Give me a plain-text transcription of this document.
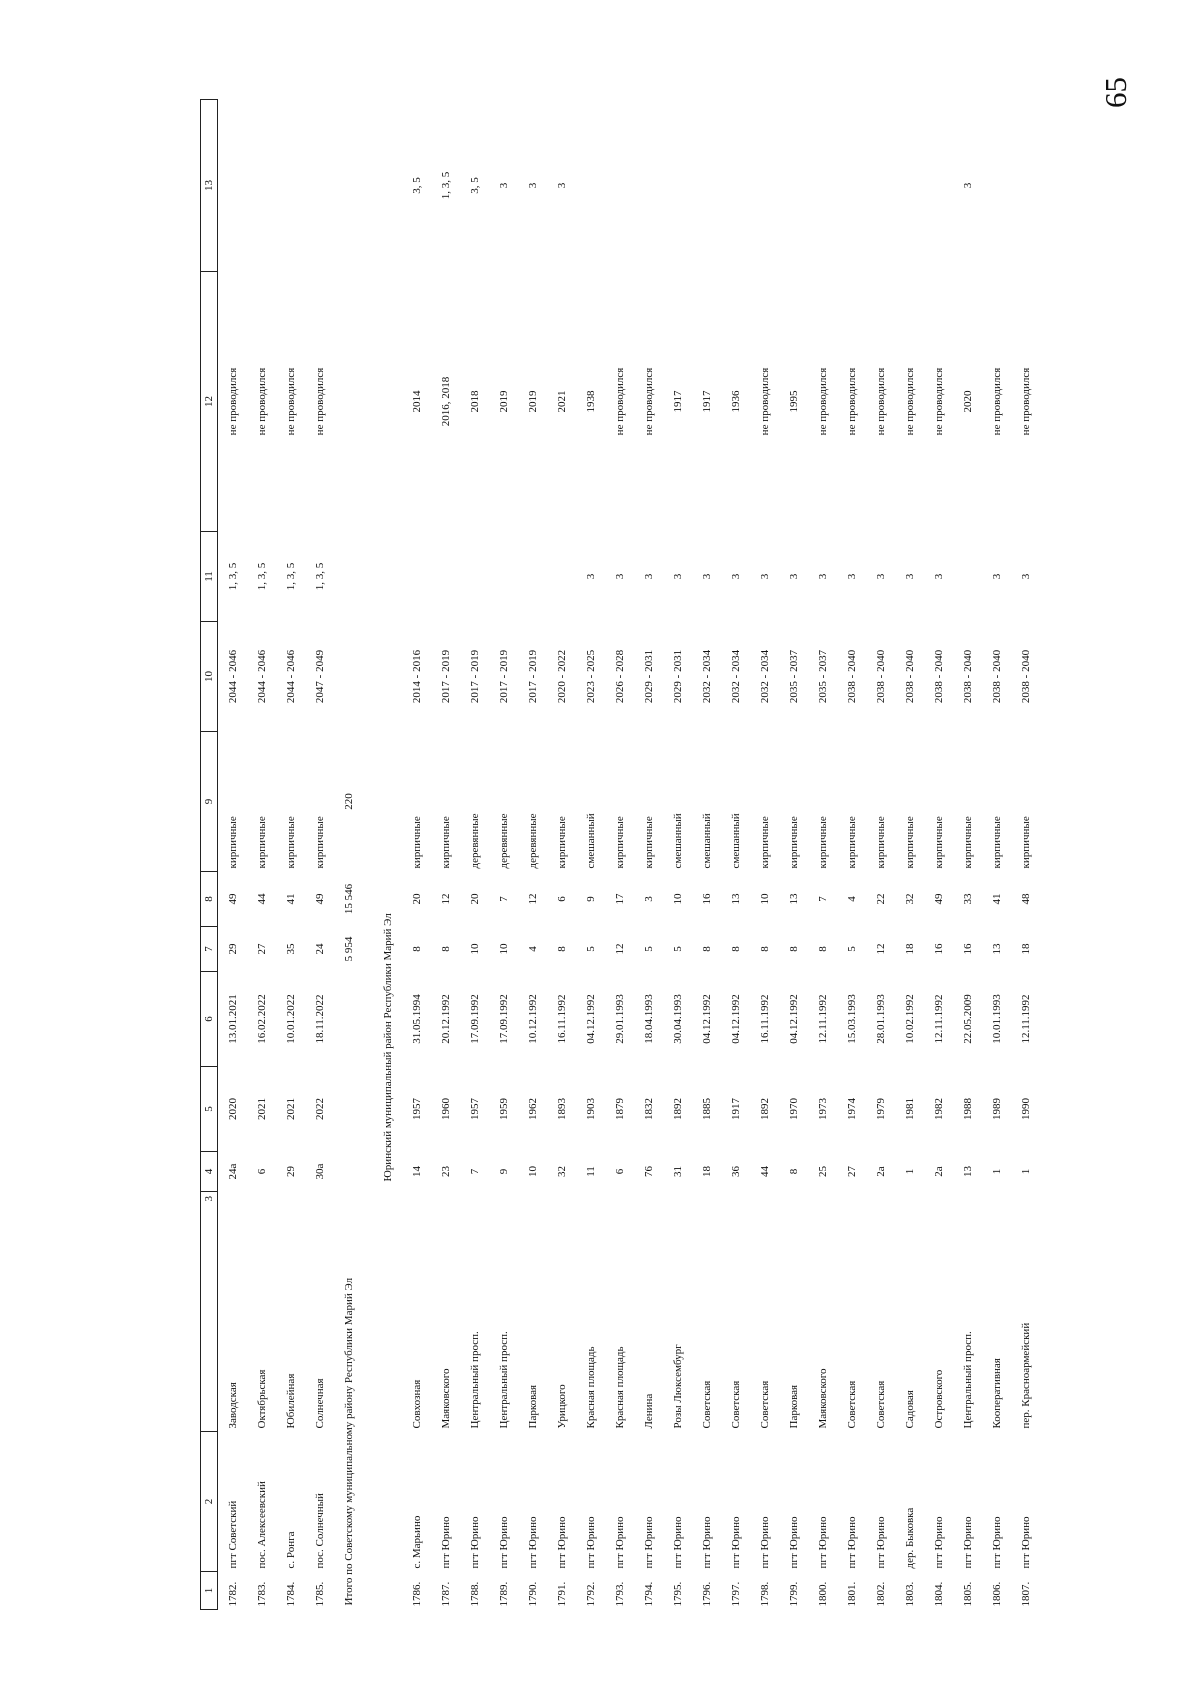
65
1	2	3	4	5	6	7	8	9	10	11	12	13
1782.	пгт Советский	Заводская	24а	2020	13.01.2021	29	49	кирпичные	2044 - 2046	1, 3, 5	не проводился	
1783.	пос. Алексеевский	Октябрьская	6	2021	16.02.2022	27	44	кирпичные	2044 - 2046	1, 3, 5	не проводился	
1784.	с. Ронга	Юбилейная	29	2021	10.01.2022	35	41	кирпичные	2044 - 2046	1, 3, 5	не проводился	
1785.	пос. Солнечный	Солнечная	30а	2022	18.11.2022	24	49	кирпичные	2047 - 2049	1, 3, 5	не проводился	
Итого по Советскому муниципальному району Республики Марий Эл						5 954	15 546	220				

			Юринский муниципальный район Республики Марий Эл									
1786.	с. Марьино	Совхозная	14	1957	31.05.1994	8	20	кирпичные	2014 - 2016		2014	3, 5
1787.	пгт Юрино	Маяковского	23	1960	20.12.1992	8	12	кирпичные	2017 - 2019		2016, 2018	1, 3, 5
1788.	пгт Юрино	Центральный просп.	7	1957	17.09.1992	10	20	деревянные	2017 - 2019		2018	3, 5
1789.	пгт Юрино	Центральный просп.	9	1959	17.09.1992	10	7	деревянные	2017 - 2019		2019	3
1790.	пгт Юрино	Парковая	10	1962	10.12.1992	4	12	деревянные	2017 - 2019		2019	3
1791.	пгт Юрино	Урицкого	32	1893	16.11.1992	8	6	кирпичные	2020 - 2022		2021	3
1792.	пгт Юрино	Красная площадь	11	1903	04.12.1992	5	9	смешанный	2023 - 2025	3	1938	
1793.	пгт Юрино	Красная площадь	6	1879	29.01.1993	12	17	кирпичные	2026 - 2028	3	не проводился	
1794.	пгт Юрино	Ленина	76	1832	18.04.1993	5	3	кирпичные	2029 - 2031	3	не проводился	
1795.	пгт Юрино	Розы Люксембург	31	1892	30.04.1993	5	10	смешанный	2029 - 2031	3	1917	
1796.	пгт Юрино	Советская	18	1885	04.12.1992	8	16	смешанный	2032 - 2034	3	1917	
1797.	пгт Юрино	Советская	36	1917	04.12.1992	8	13	смешанный	2032 - 2034	3	1936	
1798.	пгт Юрино	Советская	44	1892	16.11.1992	8	10	кирпичные	2032 - 2034	3	не проводился	
1799.	пгт Юрино	Парковая	8	1970	04.12.1992	8	13	кирпичные	2035 - 2037	3	1995	
1800.	пгт Юрино	Маяковского	25	1973	12.11.1992	8	7	кирпичные	2035 - 2037	3	не проводился	
1801.	пгт Юрино	Советская	27	1974	15.03.1993	5	4	кирпичные	2038 - 2040	3	не проводился	
1802.	пгт Юрино	Советская	2а	1979	28.01.1993	12	22	кирпичные	2038 - 2040	3	не проводился	
1803.	дер. Быковка	Садовая	1	1981	10.02.1992	18	32	кирпичные	2038 - 2040	3	не проводился	
1804.	пгт Юрино	Островского	2а	1982	12.11.1992	16	49	кирпичные	2038 - 2040	3	не проводился	
1805.	пгт Юрино	Центральный просп.	13	1988	22.05.2009	16	33	кирпичные	2038 - 2040		2020	3
1806.	пгт Юрино	Кооперативная	1	1989	10.01.1993	13	41	кирпичные	2038 - 2040	3	не проводился	
1807.	пгт Юрино	пер. Красноармейский	1	1990	12.11.1992	18	48	кирпичные	2038 - 2040	3	не проводился	
